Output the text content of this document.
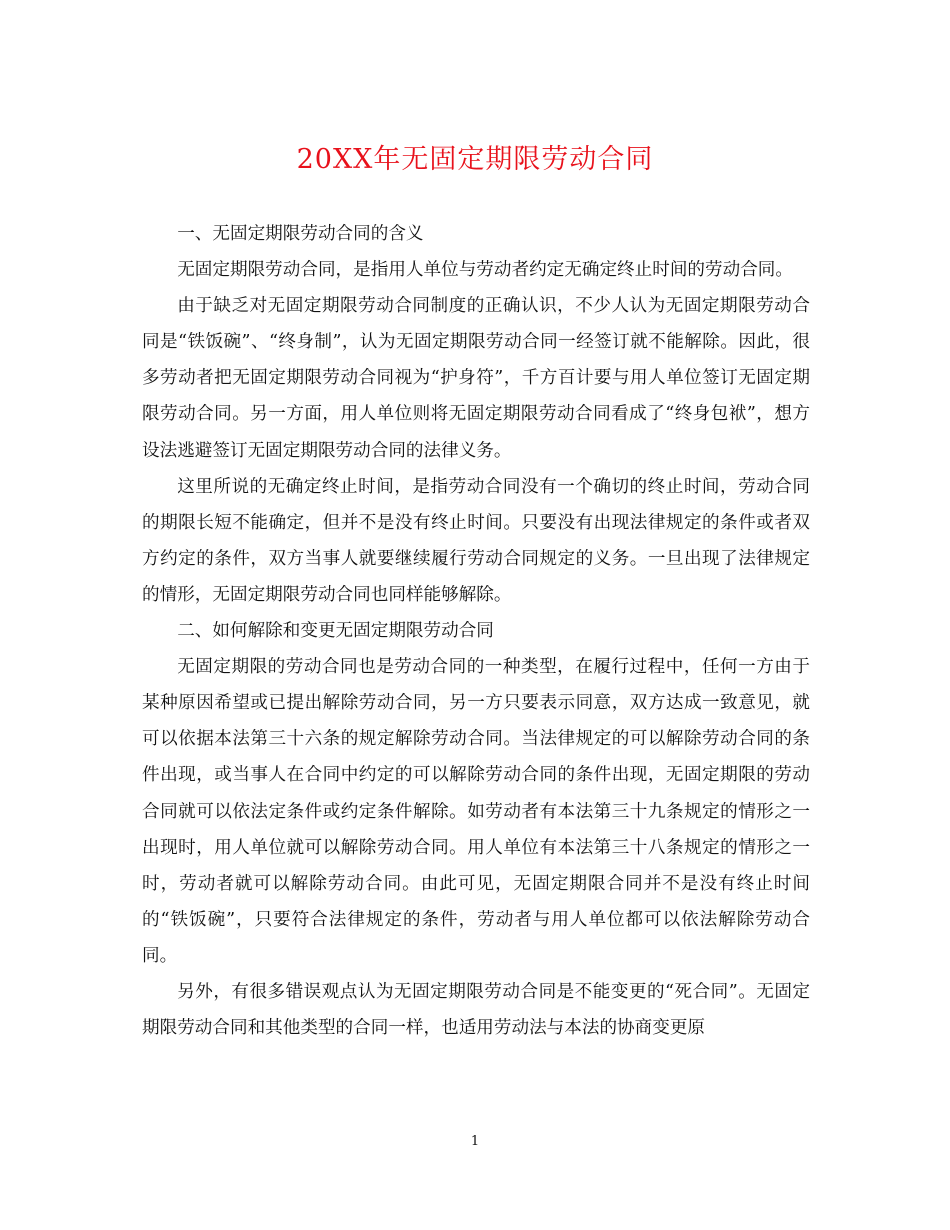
20XX年无固定期限劳动合同

一、无固定期限劳动合同的含义

无固定期限劳动合同，是指用人单位与劳动者约定无确定终止时间的劳动合同。

由于缺乏对无固定期限劳动合同制度的正确认识，不少人认为无固定期限劳动合同是“铁饭碗”、“终身制”，认为无固定期限劳动合同一经签订就不能解除。因此，很多劳动者把无固定期限劳动合同视为“护身符”，千方百计要与用人单位签订无固定期限劳动合同。另一方面，用人单位则将无固定期限劳动合同看成了“终身包袱”，想方设法逃避签订无固定期限劳动合同的法律义务。

这里所说的无确定终止时间，是指劳动合同没有一个确切的终止时间，劳动合同的期限长短不能确定，但并不是没有终止时间。只要没有出现法律规定的条件或者双方约定的条件，双方当事人就要继续履行劳动合同规定的义务。一旦出现了法律规定的情形，无固定期限劳动合同也同样能够解除。

二、如何解除和变更无固定期限劳动合同

无固定期限的劳动合同也是劳动合同的一种类型，在履行过程中，任何一方由于某种原因希望或已提出解除劳动合同，另一方只要表示同意，双方达成一致意见，就可以依据本法第三十六条的规定解除劳动合同。当法律规定的可以解除劳动合同的条件出现，或当事人在合同中约定的可以解除劳动合同的条件出现，无固定期限的劳动合同就可以依法定条件或约定条件解除。如劳动者有本法第三十九条规定的情形之一出现时，用人单位就可以解除劳动合同。用人单位有本法第三十八条规定的情形之一时，劳动者就可以解除劳动合同。由此可见，无固定期限合同并不是没有终止时间的“铁饭碗”，只要符合法律规定的条件，劳动者与用人单位都可以依法解除劳动合同。

另外，有很多错误观点认为无固定期限劳动合同是不能变更的“死合同”。无固定期限劳动合同和其他类型的合同一样，也适用劳动法与本法的协商变更原

1
